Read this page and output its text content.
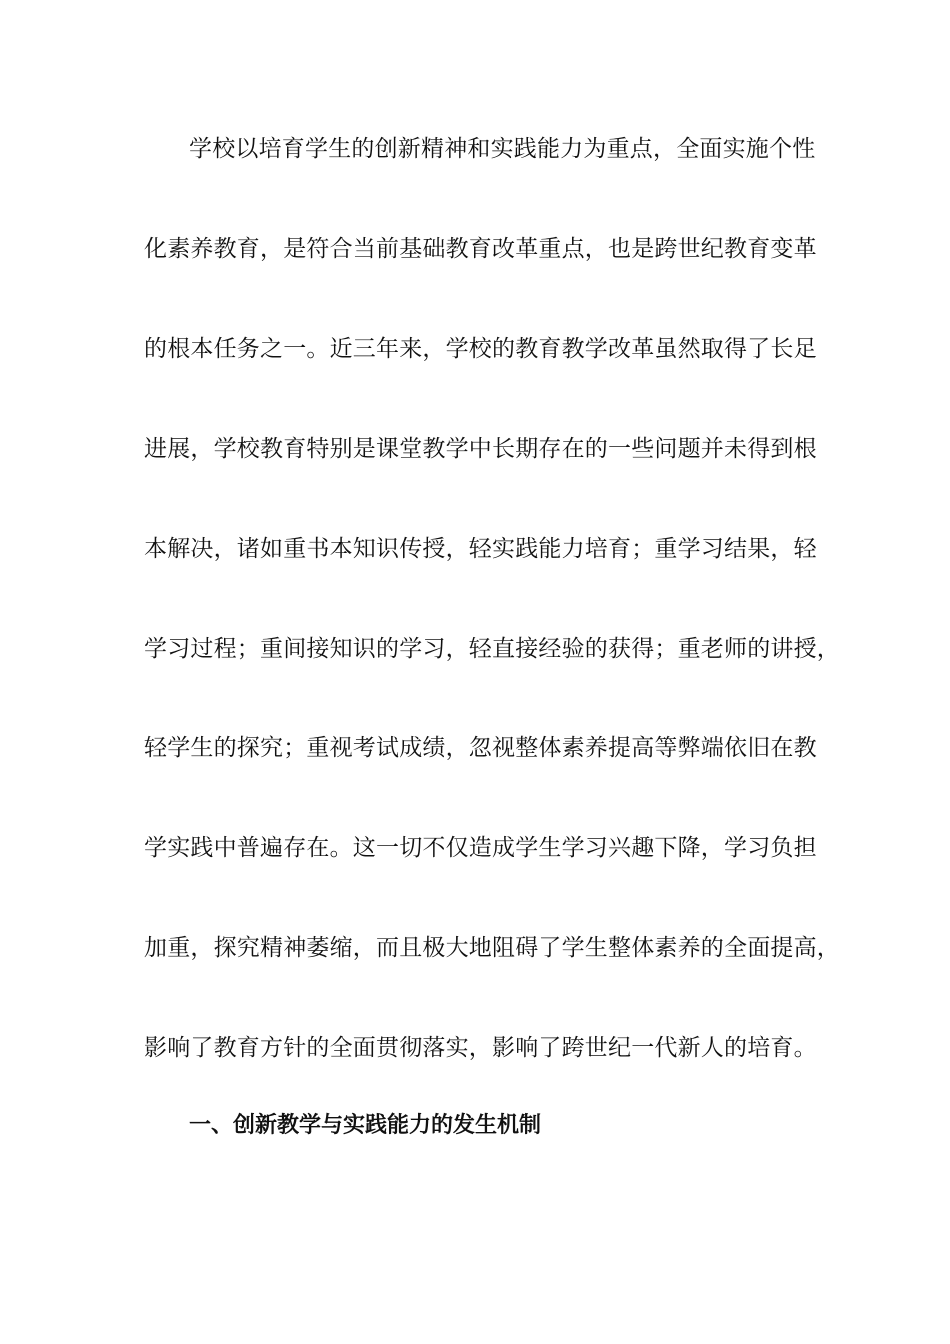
学校以培育学生的创新精神和实践能力为重点，全面实施个性
化素养教育，是符合当前基础教育改革重点，也是跨世纪教育变革
的根本任务之一。近三年来，学校的教育教学改革虽然取得了长足
进展，学校教育特别是课堂教学中长期存在的一些问题并未得到根
本解决，诸如重书本知识传授，轻实践能力培育；重学习结果，轻
学习过程；重间接知识的学习，轻直接经验的获得；重老师的讲授，
轻学生的探究；重视考试成绩，忽视整体素养提高等弊端依旧在教
学实践中普遍存在。这一切不仅造成学生学习兴趣下降，学习负担
加重，探究精神萎缩，而且极大地阻碍了学生整体素养的全面提高，
影响了教育方针的全面贯彻落实，影响了跨世纪一代新人的培育。
一、创新教学与实践能力的发生机制
